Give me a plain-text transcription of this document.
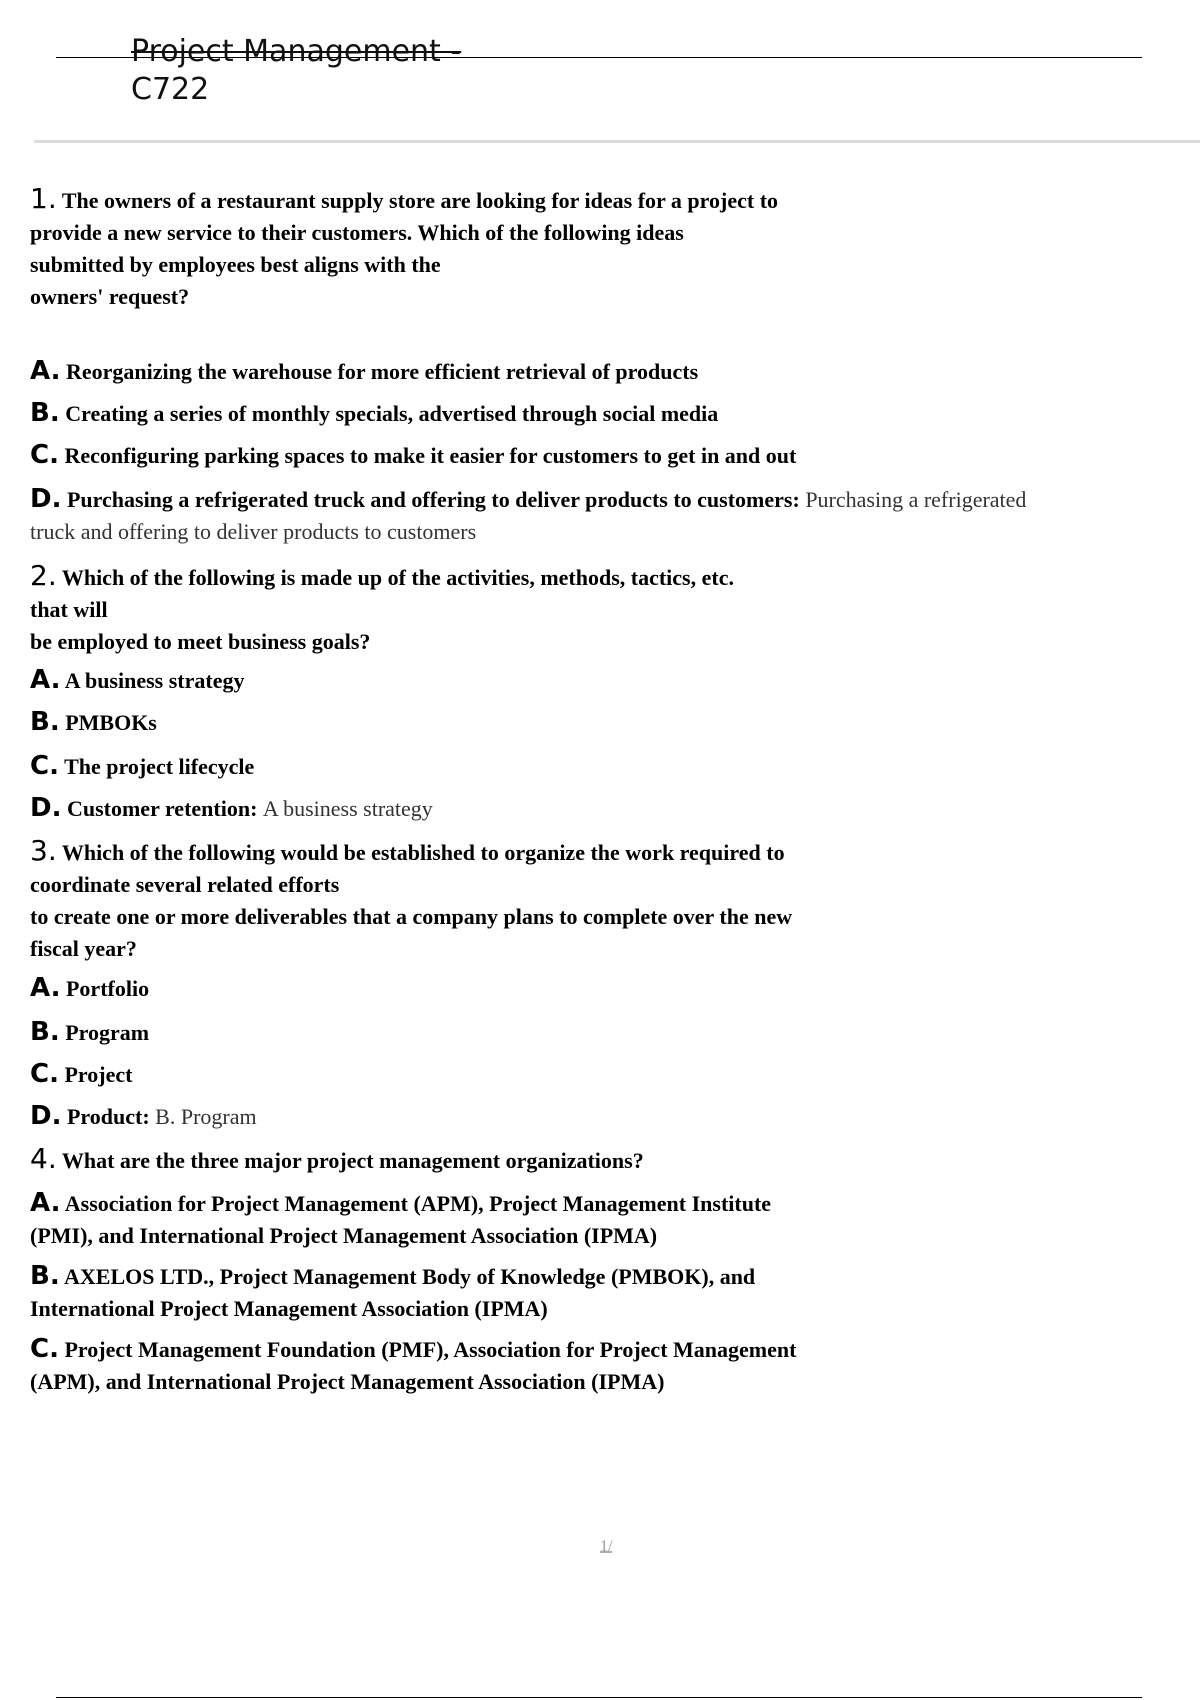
Project Management -
C722

1. The owners of a restaurant supply store are looking for ideas for a project to
provide a new service to their customers. Which of the following ideas
submitted by employees best aligns with the
owners' request?

A. Reorganizing the warehouse for more efficient retrieval of products

B. Creating a series of monthly specials, advertised through social media

C. Reconfiguring parking spaces to make it easier for customers to get in and out

D. Purchasing a refrigerated truck and offering to deliver products to customers: Purchasing a refrigerated
truck and offering to deliver products to customers

2. Which of the following is made up of the activities, methods, tactics, etc.
that will
be employed to meet business goals?

A. A business strategy

B. PMBOKs

C. The project lifecycle

D. Customer retention: A business strategy

3. Which of the following would be established to organize the work required to
coordinate several related efforts
to create one or more deliverables that a company plans to complete over the new
fiscal year?

A. Portfolio

B. Program

C. Project

D. Product: B. Program

4. What are the three major project management organizations?

A. Association for Project Management (APM), Project Management Institute
(PMI), and International Project Management Association (IPMA)

B. AXELOS LTD., Project Management Body of Knowledge (PMBOK), and
International Project Management Association (IPMA)

C. Project Management Foundation (PMF), Association for Project Management
(APM), and International Project Management Association (IPMA)

1/
